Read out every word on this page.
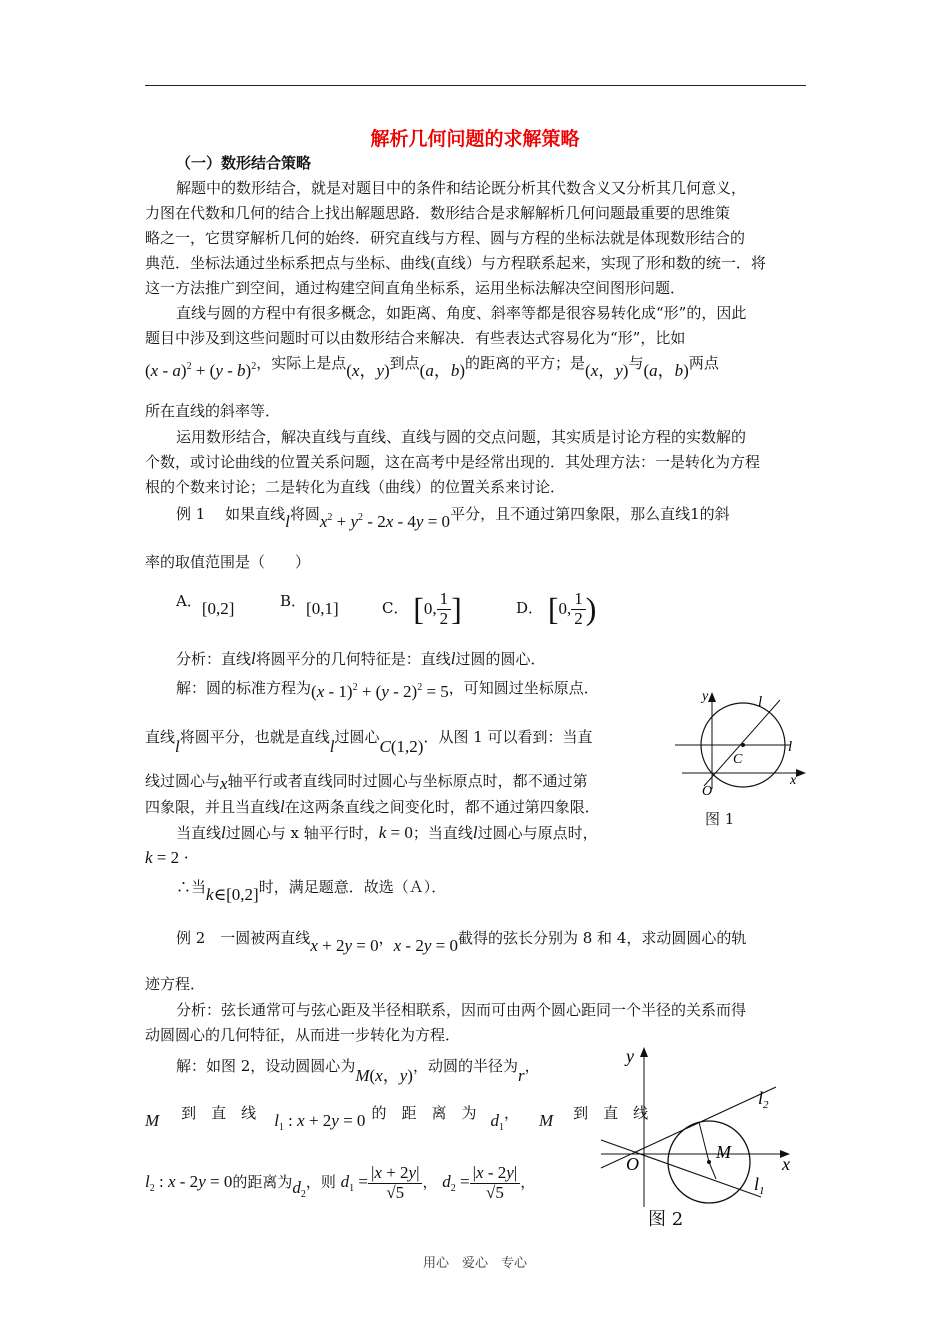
解析几何问题的求解策略
（一）数形结合策略
解题中的数形结合，就是对题目中的条件和结论既分析其代数含义又分析其几何意义，
力图在代数和几何的结合上找出解题思路．数形结合是求解解析几何问题最重要的思维策
略之一，它贯穿解析几何的始终．研究直线与方程、圆与方程的坐标法就是体现数形结合的
典范．坐标法通过坐标系把点与坐标、曲线(直线）与方程联系起来，实现了形和数的统一．将
这一方法推广到空间，通过构建空间直角坐标系，运用坐标法解决空间图形问题．
直线与圆的方程中有很多概念，如距离、角度、斜率等都是很容易转化成“形”的，因此
题目中涉及到这些问题时可以由数形结合来解决．有些表达式容易化为“形”，比如
(x - a)$^2$ + (y - b)$^2$，实际上是点(x，y)到点(a，b)的距离的平方；是(x，y)与(a，b)两点
所在直线的斜率等．
运用数形结合，解决直线与直线、直线与圆的交点问题，其实质是讨论方程的实数解的
个数，或讨论曲线的位置关系问题，这在高考中是经常出现的．其处理方法：一是转化为方程
根的个数来讨论；二是转化为直线（曲线）的位置关系来讨论．
例 1　 如果直线l将圆$x^2 + y^2 - 2x - 4y = 0$平分，且不通过第四象限，那么直线1的斜
率的取值范围是（　　）
A．[0,2]	B．[0,1]	C． [0, $\frac{1}{2}$ ]	D． [0, $\frac{1}{2}$ )
分析：直线l将圆平分的几何特征是：直线l过圆的圆心．
解：圆的标准方程为(x - 1)$^2$ + (y - 2)$^2$ = 5，可知圆过坐标原点．
直线l将圆平分，也就是直线l过圆心C(1,2)．从图 1 可以看到：当直
线过圆心与x轴平行或者直线同时过圆心与坐标原点时，都不通过第
四象限，并且当直线l在这两条直线之间变化时，都不通过第四象限．
当直线l过圆心与 x 轴平行时，k = 0；当直线l过圆心与原点时，
k = 2 ·
∴当k∈[0,2]时，满足题意．故选（Ａ）．
y	l
l
C
O
x
图 1
例 2　一圆被两直线x + 2y = 0，x - 2y = 0截得的弦长分别为 8 和 4，求动圆圆心的轨
迹方程．
分析：弦长通常可与弦心距及半径相联系，因而可由两个圆心距同一个半径的关系而得
动圆圆心的几何特征，从而进一步转化为方程．
解：如图 2，设动圆圆心为M(x，y)，动圆的半径为r，
M 到　直　线 $l_1$ : x + 2y = 0 的　距　离　为 $d_1$， M 到　直　线
$l_2$ : x - 2y = 0的距离为$d_2$，则 $d_1 = \frac{|x + 2y|}{√5}$ ， $d_2 = \frac{|x - 2y|}{√5}$ ，
y
$l_2$
M
O	x
$l_1$
图 2
用心　爱心　专心
